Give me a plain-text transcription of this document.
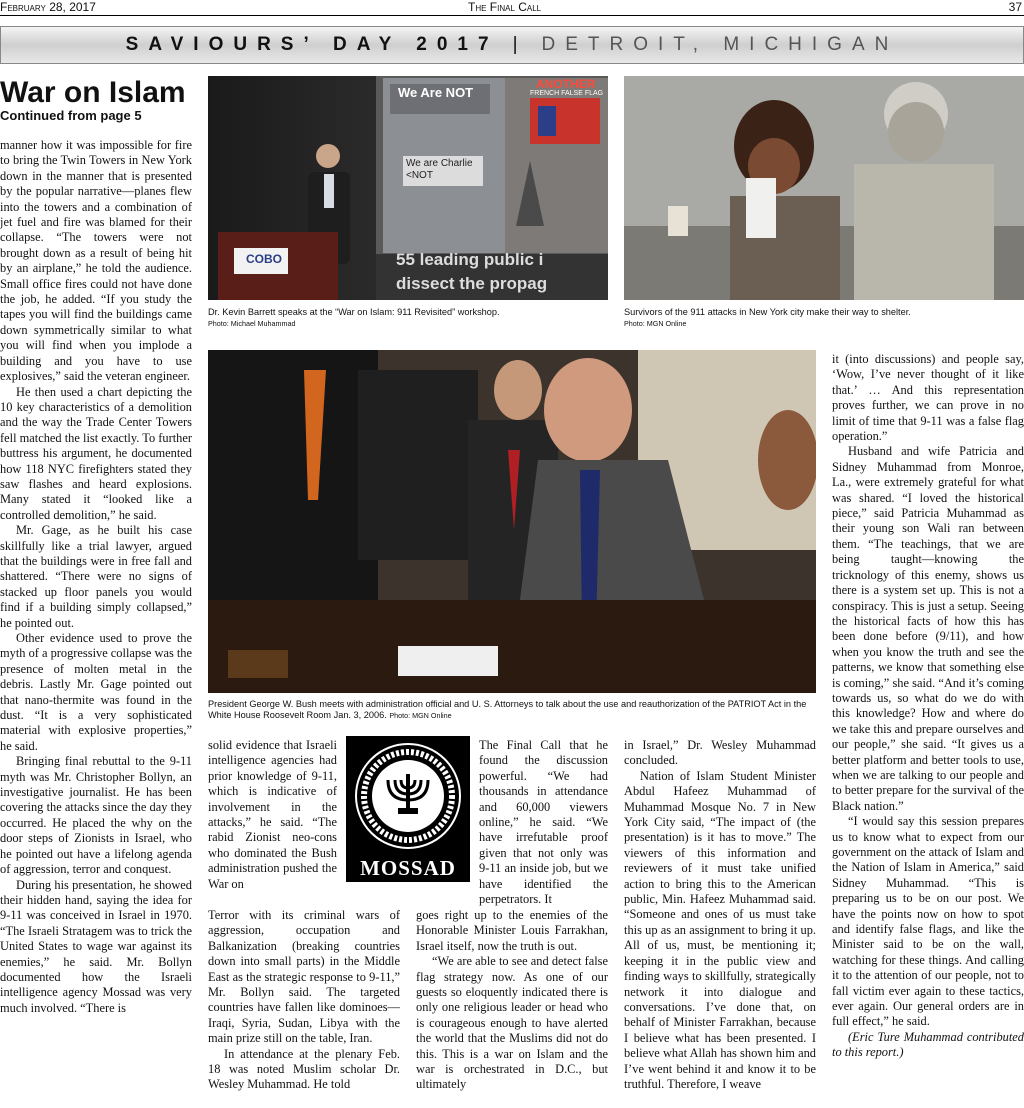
February 28, 2017	The Final Call	37
SAVIOURS’ DAY 2017 | DETROIT, MICHIGAN
War on Islam
Continued from page 5

manner how it was impossible for fire to bring the Twin Towers in New York down in the manner that is presented by the popular narrative—planes flew into the towers and a combination of jet fuel and fire was blamed for their collapse. “The towers were not brought down as a result of being hit by an airplane,” he told the audience. Small office fires could not have done the job, he added. “If you study the tapes you will find the buildings came down symmetrically similar to what you will find when you implode a building and you have to use explosives,” said the veteran engineer.

He then used a chart depicting the 10 key characteristics of a demolition and the way the Trade Center Towers fell matched the list exactly. To further buttress his argument, he documented how 118 NYC firefighters stated they saw flashes and heard explosions. Many stated it “looked like a controlled demolition,” he said.

Mr. Gage, as he built his case skillfully like a trial lawyer, argued that the buildings were in free fall and shattered. “There were no signs of stacked up floor panels you would find if a building simply collapsed,” he pointed out.

Other evidence used to prove the myth of a progressive collapse was the presence of molten metal in the debris. Lastly Mr. Gage pointed out that nano-thermite was found in the dust. “It is a very sophisticated material with explosive properties,” he said.

Bringing final rebuttal to the 9-11 myth was Mr. Christopher Bollyn, an investigative journalist. He has been covering the attacks since the day they occurred. He placed the why on the door steps of Zionists in Israel, who he pointed out have a lifelong agenda of aggression, terror and conquest.

During his presentation, he showed their hidden hand, saying the idea for 9-11 was conceived in Israel in 1970. “The Israeli Stratagem was to trick the United States to wage war against its enemies,” he said. Mr. Bollyn documented how the Israeli intelligence agency Mossad was very much involved. “There is

We Are NOT
ANOTHER
FRENCH FALSE FLAG
We are Charlie <NOT
55 leading public i
dissect the propag
COBO
Dr. Kevin Barrett speaks at the “War on Islam: 911 Revisited” workshop.
Photo: Michael Muhammad
Survivors of the 911 attacks in New York city make their way to shelter.
Photo: MGN Online
President George W. Bush meets with administration official and U. S. Attorneys to talk about the use and reauthorization of the PATRIOT Act in the White House Roosevelt Room Jan. 3, 2006. Photo: MGN Online
MOSSAD

solid evidence that Israeli intelligence agencies had prior knowledge of 9-11, which is indicative of involvement in the attacks,” he said. “The rabid Zionist neo-cons who dominated the Bush administration pushed the War on

Terror with its criminal wars of aggression, occupation and Balkanization (breaking countries down into small parts) in the Middle East as the strategic response to 9-11,” Mr. Bollyn said. The targeted countries have fallen like dominoes—Iraqi, Syria, Sudan, Libya with the main prize still on the table, Iran.

In attendance at the plenary Feb. 18 was noted Muslim scholar Dr. Wesley Muhammad. He told

The Final Call that he found the discussion powerful. “We had thousands in attendance and 60,000 viewers online,” he said. “We have irrefutable proof given that not only was 9-11 an inside job, but we have identified the perpetrators. It

goes right up to the enemies of the Honorable Minister Louis Farrakhan, Israel itself, now the truth is out.

“We are able to see and detect false flag strategy now. As one of our guests so eloquently indicated there is only one religious leader or head who is courageous enough to have alerted the world that the Muslims did not do this. This is a war on Islam and the war is orchestrated in D.C., but ultimately

in Israel,” Dr. Wesley Muhammad concluded.

Nation of Islam Student Minister Abdul Hafeez Muhammad of Muhammad Mosque No. 7 in New York City said, “The impact of (the presentation) is it has to move.” The viewers of this information and reviewers of it must take unified action to bring this to the American public, Min. Hafeez Muhammad said. “Someone and ones of us must take this up as an assignment to bring it up. All of us, must, be mentioning it; keeping it in the public view and finding ways to skillfully, strategically network it into dialogue and conversations. I’ve done that, on behalf of Minister Farrakhan, because I believe what has been presented. I believe what Allah has shown him and I’ve went behind it and know it to be truthful. Therefore, I weave

it (into discussions) and people say, ‘Wow, I’ve never thought of it like that.’ … And this representation proves further, we can prove in no limit of time that 9-11 was a false flag operation.”

Husband and wife Patricia and Sidney Muhammad from Monroe, La., were extremely grateful for what was shared. “I loved the historical piece,” said Patricia Muhammad as their young son Wali ran between them. “The teachings, that we are being taught—knowing the tricknology of this enemy, shows us there is a system set up. This is not a conspiracy. This is just a setup. Seeing the historical facts of how this has been done before (9/11), and how when you know the truth and see the patterns, we know that something else is coming,” she said. “And it’s coming towards us, so what do we do with this knowledge? How and where do we take this and prepare ourselves and our people,” she said. “It gives us a better platform and better tools to use, when we are talking to our people and to better prepare for the survival of the Black nation.”

“I would say this session prepares us to know what to expect from our government on the attack of Islam and the Nation of Islam in America,” said Sidney Muhammad. “This is preparing us to be on our post. We have the points now on how to spot and identify false flags, and like the Minister said to be on the wall, watching for these things. And calling it to the attention of our people, not to fall victim ever again to these tactics, ever again. Our general orders are in full effect,” he said.

(Eric Ture Muhammad contributed to this report.)
